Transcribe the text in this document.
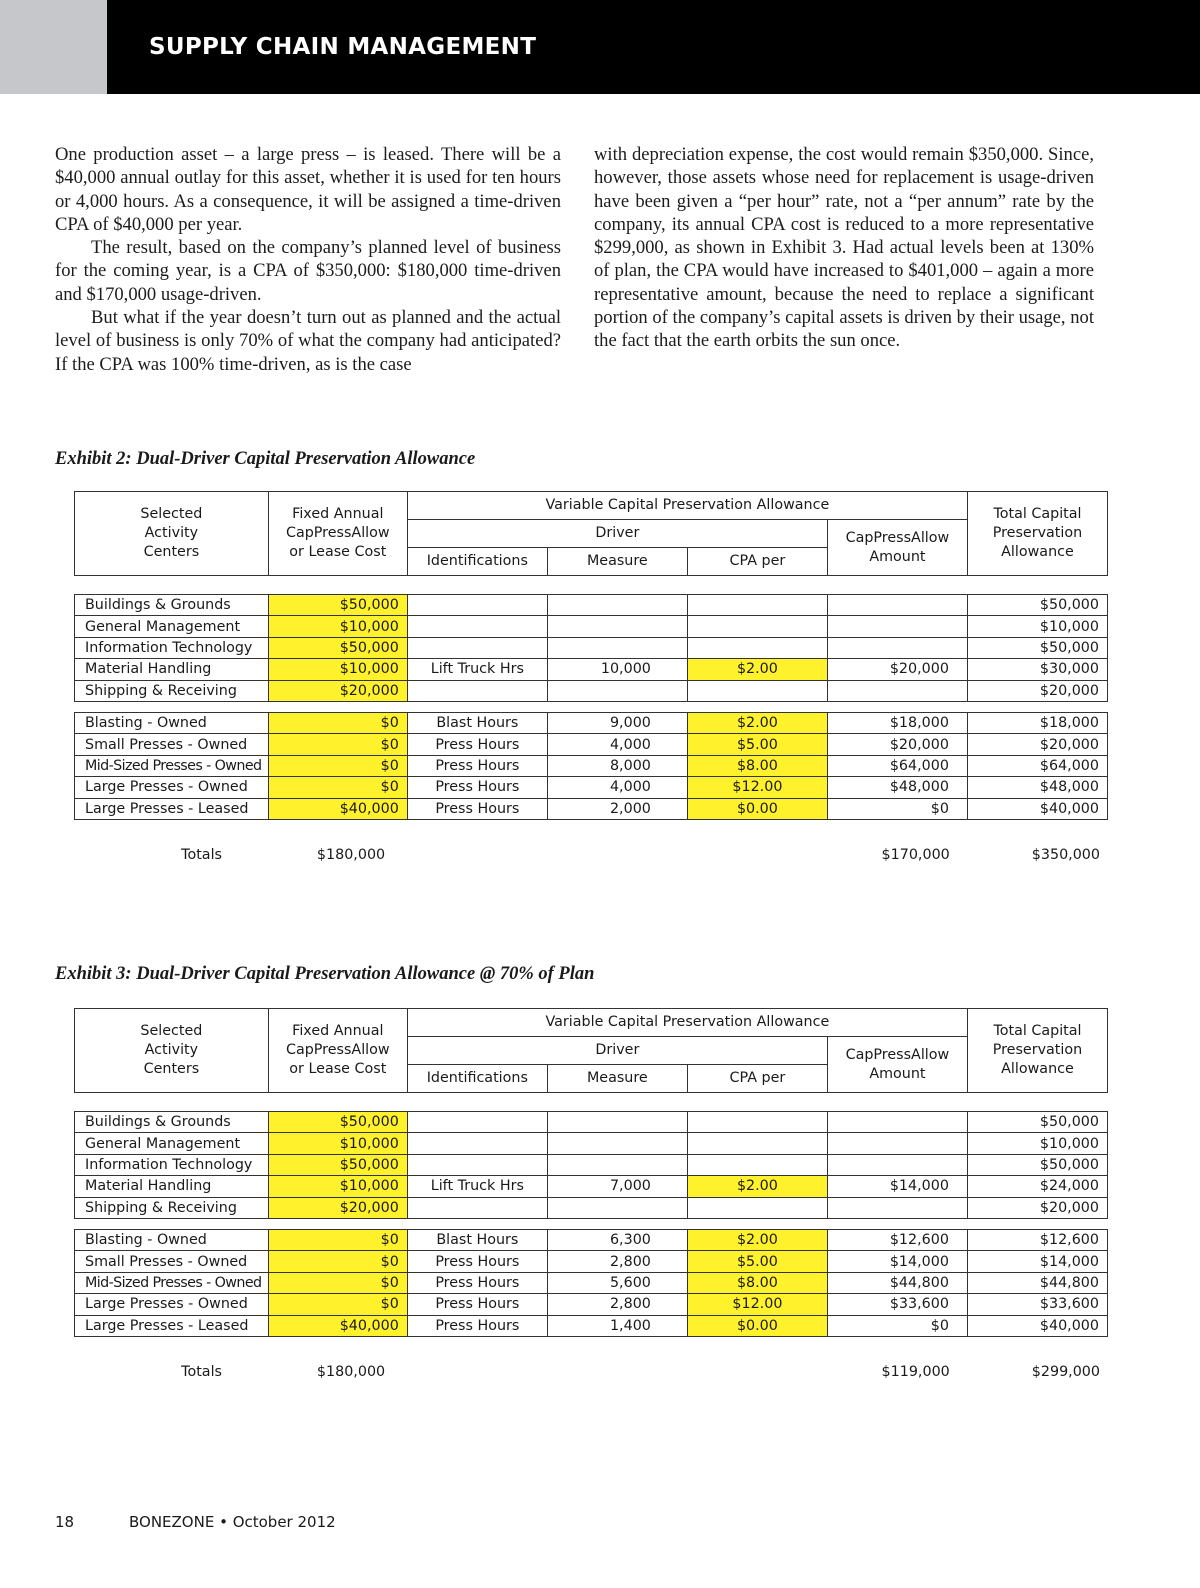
SUPPLY CHAIN MANAGEMENT

One production asset – a large press – is leased. There will be a $40,000 annual outlay for this asset, whether it is used for ten hours or 4,000 hours. As a consequence, it will be assigned a time-driven CPA of $40,000 per year.

The result, based on the company’s planned level of business for the coming year, is a CPA of $350,000: $180,000 time-driven and $170,000 usage-driven.

But what if the year doesn’t turn out as planned and the actual level of business is only 70% of what the company had anticipated? If the CPA was 100% time-driven, as is the case

with depreciation expense, the cost would remain $350,000. Since, however, those assets whose need for replacement is usage-driven have been given a “per hour” rate, not a “per annum” rate by the company, its annual CPA cost is reduced to a more representative $299,000, as shown in Exhibit 3. Had actual levels been at 130% of plan, the CPA would have increased to $401,000 – again a more representative amount, because the need to replace a significant portion of the company’s capital assets is driven by their usage, not the fact that the earth orbits the sun once.

Exhibit 2: Dual-Driver Capital Preservation Allowance
Selected Activity Centers	Fixed Annual CapPressAllow or Lease Cost	Variable Capital Preservation Allowance				Total Capital Preservation Allowance
		Driver			CapPressAllow Amount	
		Identifications	Measure	CPA per		
Buildings & Grounds	$50,000					$50,000
General Management	$10,000					$10,000
Information Technology	$50,000					$50,000
Material Handling	$10,000	Lift Truck Hrs	10,000	$2.00	$20,000	$30,000
Shipping & Receiving	$20,000					$20,000
Blasting - Owned	$0	Blast Hours	9,000	$2.00	$18,000	$18,000
Small Presses - Owned	$0	Press Hours	4,000	$5.00	$20,000	$20,000
Mid-Sized Presses - Owned	$0	Press Hours	8,000	$8.00	$64,000	$64,000
Large Presses - Owned	$0	Press Hours	4,000	$12.00	$48,000	$48,000
Large Presses - Leased	$40,000	Press Hours	2,000	$0.00	$0	$40,000
Totals	$180,000				$170,000	$350,000
Exhibit 3: Dual-Driver Capital Preservation Allowance @ 70% of Plan
Selected Activity Centers	Fixed Annual CapPressAllow or Lease Cost	Variable Capital Preservation Allowance				Total Capital Preservation Allowance
		Driver			CapPressAllow Amount	
		Identifications	Measure	CPA per		
Buildings & Grounds	$50,000					$50,000
General Management	$10,000					$10,000
Information Technology	$50,000					$50,000
Material Handling	$10,000	Lift Truck Hrs	7,000	$2.00	$14,000	$24,000
Shipping & Receiving	$20,000					$20,000
Blasting - Owned	$0	Blast Hours	6,300	$2.00	$12,600	$12,600
Small Presses - Owned	$0	Press Hours	2,800	$5.00	$14,000	$14,000
Mid-Sized Presses - Owned	$0	Press Hours	5,600	$8.00	$44,800	$44,800
Large Presses - Owned	$0	Press Hours	2,800	$12.00	$33,600	$33,600
Large Presses - Leased	$40,000	Press Hours	1,400	$0.00	$0	$40,000
Totals	$180,000				$119,000	$299,000
18	BONEZONE • October 2012
